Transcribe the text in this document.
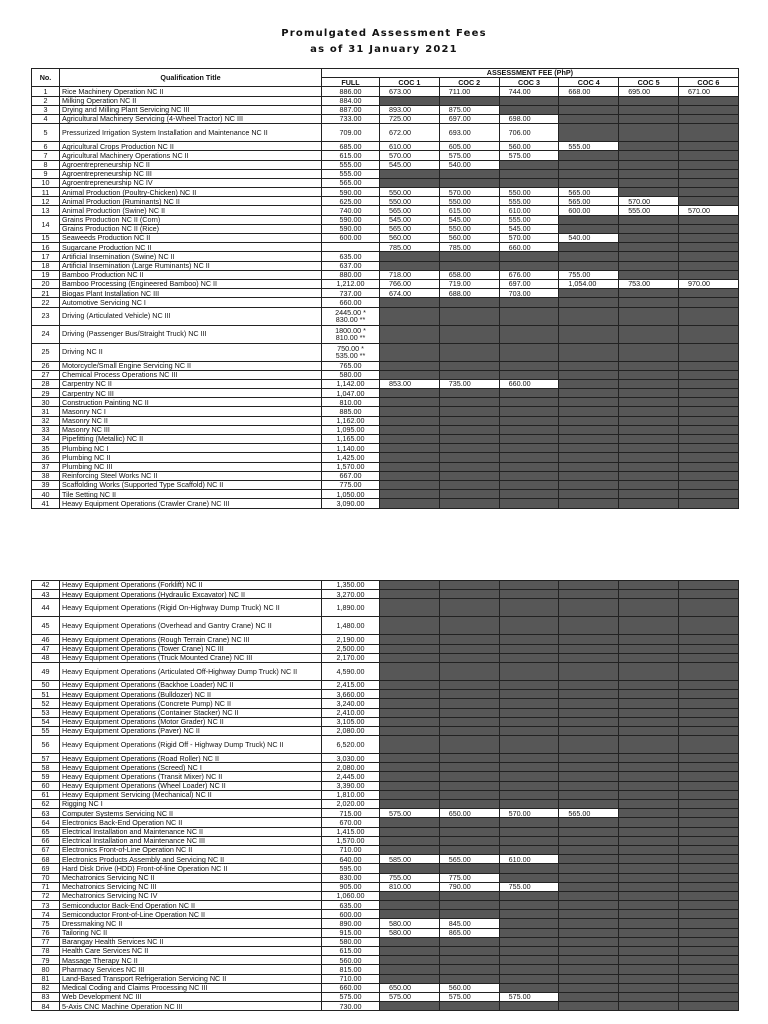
Promulgated Assessment Fees
as of 31 January 2021
No.	Qualification Title	ASSESSMENT FEE (PhP)						
		FULL	COC 1	COC 2	COC 3	COC 4	COC 5	COC 6
1	Rice Machinery Operation NC II	886.00	673.00	711.00	744.00	668.00	695.00	671.00
2	Milking Operation NC II	884.00						
3	Drying and Milling Plant Servicing NC III	887.00	893.00	875.00				
4	Agricultural Machinery Servicing (4-Wheel Tractor) NC III	733.00	725.00	697.00	698.00			
5	Pressurized Irrigation System Installation and Maintenance NC II	709.00	672.00	693.00	706.00			
6	Agricultural Crops Production NC II	685.00	610.00	605.00	560.00	555.00		
7	Agricultural Machinery Operations NC II	615.00	570.00	575.00	575.00			
8	Agroentrepreneurship NC II	555.00	545.00	540.00				
9	Agroentrepreneurship NC III	555.00						
10	Agroentrepreneurship NC IV	565.00						
11	Animal Production (Poultry-Chicken) NC II	590.00	550.00	570.00	550.00	565.00		
12	Animal Production (Ruminants) NC II	625.00	550.00	550.00	555.00	565.00	570.00	
13	Animal Production (Swine) NC II	740.00	565.00	615.00	610.00	600.00	555.00	570.00
14	Grains Production NC II (Corn)	590.00	545.00	545.00	555.00			
	Grains Production NC II (Rice)	590.00	565.00	550.00	545.00			
15	Seaweeds Production NC II	600.00	560.00	560.00	570.00	540.00		
16	Sugarcane Production NC II		785.00	785.00	660.00			
17	Artificial Insemination (Swine) NC II	635.00						
18	Artificial Insemination (Large Ruminants) NC II	637.00						
19	Bamboo Production NC II	880.00	718.00	658.00	676.00	755.00		
20	Bamboo Processing (Engineered Bamboo) NC II	1,212.00	766.00	719.00	697.00	1,054.00	753.00	970.00
21	Biogas Plant Installation NC III	737.00	674.00	688.00	703.00			
22	Automotive Servicing NC I	660.00						
23	Driving (Articulated Vehicle) NC III	2445.00 *
830.00 **						

24	Driving (Passenger Bus/Straight Truck) NC III	1800.00 *
810.00 **						

25	Driving NC II	750.00 *
535.00 **						

26	Motorcycle/Small Engine Servicing NC II	765.00						
27	Chemical Process Operations NC III	580.00						
28	Carpentry NC II	1,142.00	853.00	735.00	660.00			
29	Carpentry NC III	1,047.00						
30	Construction Painting NC II	810.00						
31	Masonry NC I	885.00						
32	Masonry NC II	1,162.00						
33	Masonry NC III	1,095.00						
34	Pipefitting (Metallic) NC II	1,165.00						
35	Plumbing NC I	1,140.00						
36	Plumbing NC II	1,425.00						
37	Plumbing NC III	1,570.00						
38	Reinforcing Steel Works NC II	667.00						
39	Scaffolding Works (Supported Type Scaffold) NC II	775.00						
40	Tile Setting NC II	1,050.00						
41	Heavy Equipment Operations (Crawler Crane) NC III	3,090.00						
42	Heavy Equipment Operations (Forklift) NC II	1,350.00						
43	Heavy Equipment Operations (Hydraulic Excavator) NC II	3,270.00						
44	Heavy Equipment Operations (Rigid On-Highway Dump Truck) NC II	1,890.00						
45	Heavy Equipment Operations (Overhead and Gantry Crane) NC II	1,480.00						
46	Heavy Equipment Operations (Rough Terrain Crane) NC III	2,190.00						
47	Heavy Equipment Operations (Tower Crane) NC III	2,500.00						
48	Heavy Equipment Operations (Truck Mounted Crane) NC III	2,170.00						
49	Heavy Equipment Operations (Articulated Off-Highway Dump Truck) NC II	4,590.00						
50	Heavy Equipment Operations (Backhoe Loader) NC II	2,415.00						
51	Heavy Equipment Operations (Bulldozer) NC II	3,660.00						
52	Heavy Equipment Operations (Concrete Pump) NC II	3,240.00						
53	Heavy Equipment Operations (Container Stacker) NC II	2,410.00						
54	Heavy Equipment Operations (Motor Grader) NC II	3,105.00						
55	Heavy Equipment Operations (Paver) NC II	2,080.00						
56	Heavy Equipment Operations (Rigid Off - Highway Dump Truck) NC II	6,520.00						
57	Heavy Equipment Operations (Road Roller) NC II	3,030.00						
58	Heavy Equipment Operations (Screed) NC I	2,080.00						
59	Heavy Equipment Operations (Transit Mixer) NC II	2,445.00						
60	Heavy Equipment Operations (Wheel Loader) NC II	3,390.00						
61	Heavy Equipment Servicing (Mechanical) NC II	1,810.00						
62	Rigging NC I	2,020.00						
63	Computer Systems Servicing NC II	715.00	575.00	650.00	570.00	565.00		
64	Electronics Back-End Operation NC II	670.00						
65	Electrical Installation and Maintenance NC II	1,415.00						
66	Electrical Installation and Maintenance NC III	1,570.00						
67	Electronics Front-of-Line Operation NC II	710.00						
68	Electronics Products Assembly and Servicing NC II	640.00	585.00	565.00	610.00			
69	Hard Disk Drive (HDD) Front-of-line Operation NC II	595.00						
70	Mechatronics Servicing NC II	830.00	755.00	775.00				
71	Mechatronics Servicing NC III	905.00	810.00	790.00	755.00			
72	Mechatronics Servicing NC IV	1,060.00						
73	Semiconductor Back-End Operation NC II	635.00						
74	Semiconductor Front-of-Line Operation NC II	600.00						
75	Dressmaking NC II	890.00	580.00	845.00				
76	Tailoring NC II	915.00	580.00	865.00				
77	Barangay Health Services NC II	580.00						
78	Health Care Services NC II	615.00						
79	Massage Therapy NC II	560.00						
80	Pharmacy Services NC III	815.00						
81	Land-Based Transport Refrigeration Servicing NC II	710.00						
82	Medical Coding and Claims Processing NC III	660.00	650.00	560.00				
83	Web Development NC III	575.00	575.00	575.00	575.00			
84	5-Axis CNC Machine Operation NC III	730.00						
